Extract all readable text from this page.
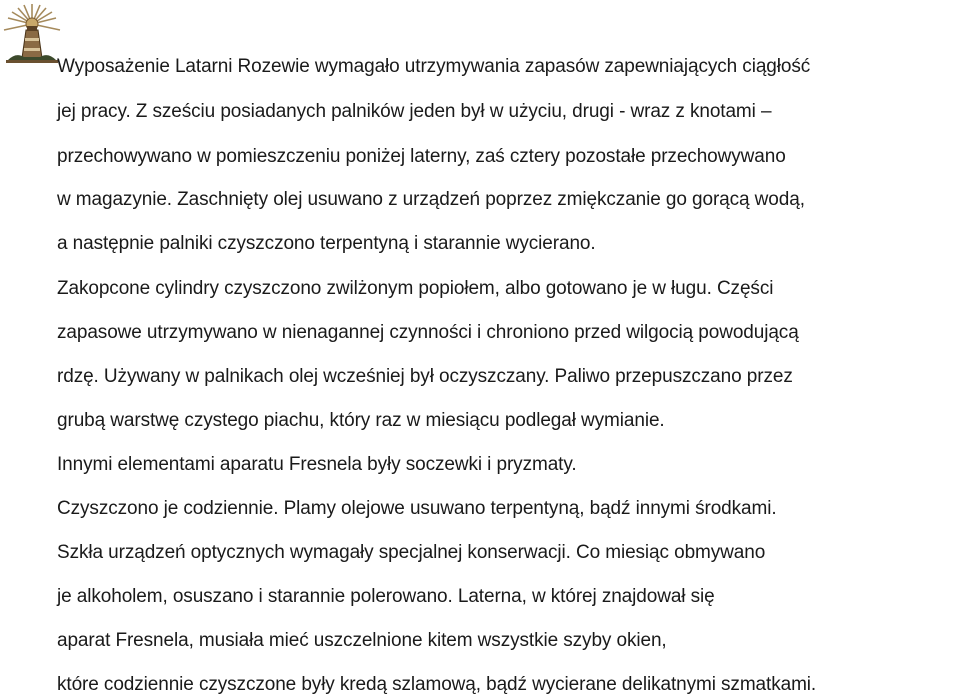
Wyposażenie Latarni Rozewie wymagało utrzymywania zapasów zapewniających ciągłość
jej pracy. Z sześciu posiadanych palników jeden był w użyciu, drugi - wraz z knotami –
przechowywano w pomieszczeniu poniżej laterny, zaś cztery pozostałe przechowywano
w magazynie. Zaschnięty olej usuwano z urządzeń poprzez zmiękczanie go gorącą wodą,
a następnie palniki czyszczono terpentyną i starannie wycierano.
Zakopcone cylindry czyszczono zwilżonym popiołem, albo gotowano je w ługu. Części
zapasowe utrzymywano w nienagannej czynności i chroniono przed wilgocią powodującą
rdzę. Używany w palnikach olej wcześniej był oczyszczany. Paliwo przepuszczano przez
grubą warstwę czystego piachu, który raz w miesiącu podlegał wymianie.
Innymi elementami aparatu Fresnela były soczewki i pryzmaty.
Czyszczono je codziennie. Plamy olejowe usuwano terpentyną, bądź innymi środkami.
Szkła urządzeń optycznych wymagały specjalnej konserwacji. Co miesiąc obmywano
je alkoholem, osuszano i starannie polerowano. Laterna, w której znajdował się
aparat Fresnela, musiała mieć uszczelnione kitem wszystkie szyby okien,
które codziennie czyszczone były kredą szlamową, bądź wycierane delikatnymi szmatkami.
